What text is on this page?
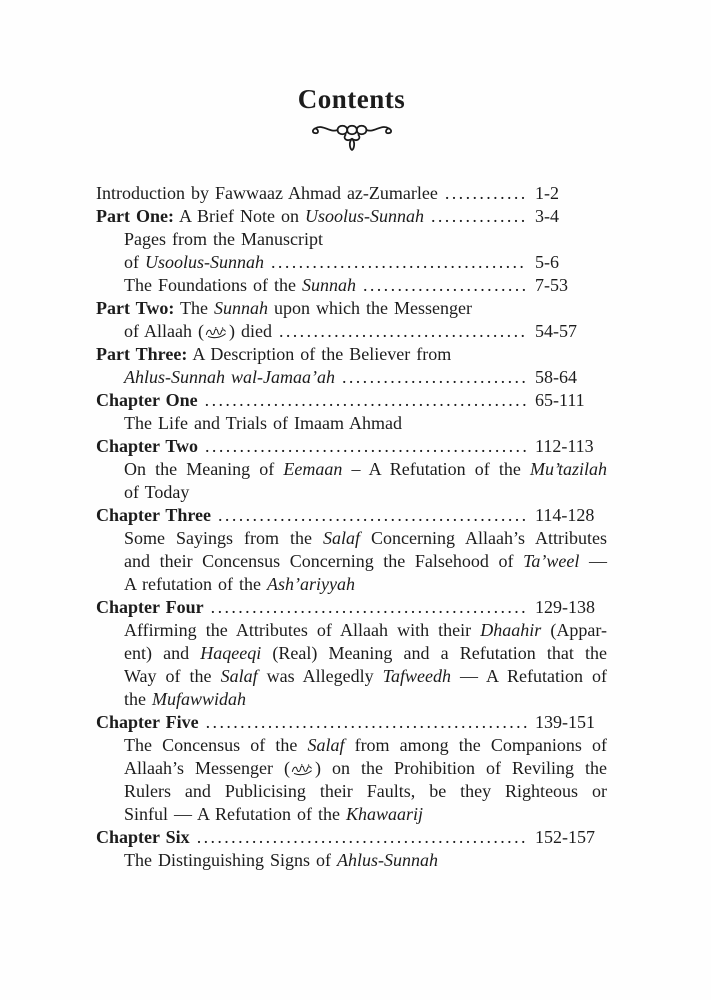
Contents
Introduction by Fawwaaz Ahmad az-Zumarlee .....	1-2
Part One: A Brief Note on Usoolus-Sunnah .....	3-4
Pages from the Manuscript
of Usoolus-Sunnah .....	5-6
The Foundations of the Sunnah .....	7-53
Part Two: The Sunnah upon which the Messenger
of Allaah ( ) died .....	54-57
Part Three: A Description of the Believer from
Ahlus-Sunnah wal-Jamaa’ah .....	58-64
Chapter One .....	65-111
The Life and Trials of Imaam Ahmad
Chapter Two .....	112-113
On the Meaning of Eemaan – A Refutation of the Mu’tazilah
of Today
Chapter Three .....	114-128
Some Sayings from the Salaf Concerning Allaah’s Attributes
and their Concensus Concerning the Falsehood of Ta’weel —
A refutation of the Ash’ariyyah
Chapter Four .....	129-138
Affirming the Attributes of Allaah with their Dhaahir (Appar-
ent) and Haqeeqi (Real) Meaning and a Refutation that the
Way of the Salaf was Allegedly Tafweedh — A Refutation of
the Mufawwidah
Chapter Five .....	139-151
The Concensus of the Salaf from among the Companions of
Allaah’s Messenger ( ) on the Prohibition of Reviling the
Rulers and Publicising their Faults, be they Righteous or
Sinful — A Refutation of the Khawaarij
Chapter Six .....	152-157
The Distinguishing Signs of Ahlus-Sunnah
